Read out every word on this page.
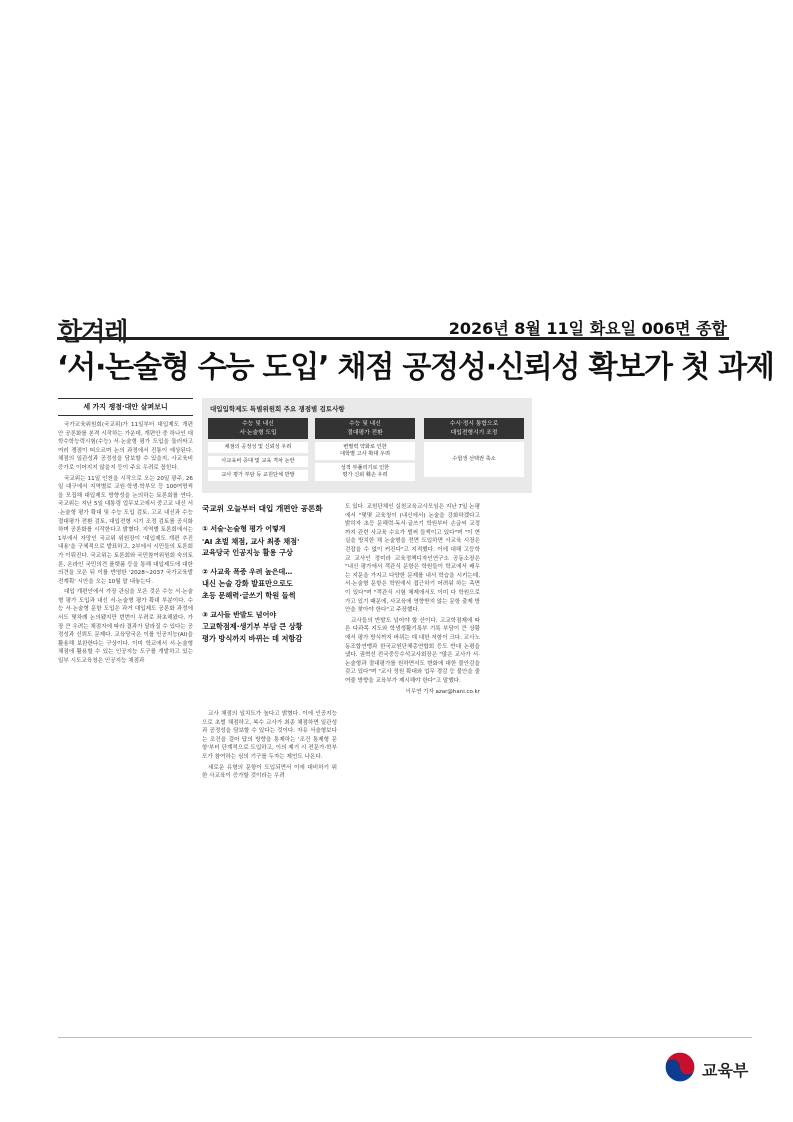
한겨레	2026년 8월 11일 화요일 006면 종합
‘서·논술형 수능 도입’ 채점 공정성·신뢰성 확보가 첫 과제
세 가지 쟁점·대안 살펴보니

국가교육위원회(국교위)가 11일부터 대입제도 개편안 공론화를 본격 시작하는 가운데, 개편안 중 하나인 대학수학능력시험(수능) 서·논술형 평가 도입을 둘러싸고 여러 쟁점이 떠오르며 논의 과정에서 진통이 예상된다. 채점의 일관성과 공정성을 담보할 수 있을지, 사교육비 증가로 이어지지 않을지 등이 주요 우려로 꼽힌다.

국교위는 11일 인천을 시작으로 오는 20일 광주, 26일 대구에서 지역별로 교원·학생·학부모 등 100여명씩을 모집해 대입제도 방향성을 논의하는 토론회를 연다. 국교위는 지난 5일 대통령 업무보고에서 중고교 내신 서·논술형 평가 확대 및 수능 도입 검토, 고교 내신과 수능 절대평가 전환 검토, 대입전형 시기 조정 검토를 공식화하며 공론화를 시작한다고 밝혔다. 지역별 토론회에서는 1부에서 자망인 국교위 위원장이 '대입제도 개편 추진 내용'을 구체적으로 발표하고, 2부에서 시민들의 토론회가 이뤄진다. 국교위는 토론회와 국민참여위원회 숙의토론, 온라인 국민의견 플랫폼 등을 통해 대입제도에 대한 의견을 모은 뒤 이를 반영한 '2028~2037 국가교육발전계획' 시안을 오는 10월 말 내놓는다.

대입 개편안에서 가장 관심을 모은 것은 수능 서·논술형 평가 도입과 내신 서·논술형 평가 확대 부분이다. 수능 서·논술형 문항 도입은 과거 대입제도 공론화 과정에서도 몇차례 논의됐지만 번번이 우려로 좌초해왔다. 가장 큰 우려는 채점자에 따라 결과가 달라질 수 있다는 공정성과 신뢰도 문제다. 교육당국은 이를 인공지능(AI)을 활용해 보완한다는 구상이다. 이미 학교에서 서·논술형 채점에 활용할 수 있는 인공지능 도구를 개발하고 있는 일부 시도교육청은 인공지능 채점과

대입입학제도 특별위원회 주요 쟁점별 검토사항
수능 및 내신
서·논술형 도입
채점의 공정성 및 신뢰성 우려
사교육비 증대 및 교육 격차 논란
교사 평가 부담 등 교원단체 반발
수능 및 내신
절대평가 전환
변별력 약화로 인한
대학별 고사 확대 우려
성적 부풀리기로 인한
평가 신뢰 훼손 우려
수시·정시 통합으로
대입전형시기 조정
수험생 선택권 축소
국교위 오늘부터 대입 개편안 공론화
① 서술·논술형 평가 어떻게
'AI 초벌 채점, 교사 최종 채점'
교육당국 인공지능 활용 구상
② 사교육 폭증 우려 높은데…
내신 논술 강화 발표만으로도
초등 문해력·글쓰기 학원 들썩
③ 교사들 반발도 넘어야
고교학점제·생기부 부담 큰 상황
평가 방식까지 바뀌는 데 저항감

교사 채점의 일치도가 높다고 밝혔다. 이에 인공지능으로 초벌 채점하고, 복수 교사가 최종 채점하면 일관성과 공정성을 담보할 수 있다는 것이다. 자유 서술형보다는 조건을 걸어 답의 방향을 통제하는 '조건 통제형 문항'부터 단계적으로 도입하고, 이의 제기 시 전문가·학부모가 참여하는 심의 기구를 두자는 제언도 나온다.

새로운 유형의 문항이 도입되면서 이에 대비하기 위한 사교육이 증가할 것이라는 우려

도 있다. 교원단체인 실천교육교사모임은 지난 7일 논평에서 "몇몇 교육청이 (내신에서) 논술을 강화하겠다고 밝히자 초등 문해력·독서·글쓰기 학원부터 손글씨 교정까지 관련 사교육 수요가 벌써 들썩이고 있다"며 "이 현실을 방치한 채 논술형을 전면 도입하면 사교육 시장은 걷잡을 수 없이 커진다"고 지적했다. 이에 대해 고등학교 교사인 정미라 교육정책디자인연구소 공동소장은 "내신 평가에서 객관식 문항은 학원들이 학교에서 배우는 지문을 가지고 다양한 문제를 내서 학습을 시키는데, 서·논술형 문항은 학원에서 접근하기 어려워 하는 측면이 있다"며 "객관식 시험 체제에서도 이미 다 학원으로 가고 있기 때문에, 사교육에 영향받지 않는 문항 출제 방안을 찾아야 한다"고 주장했다.

교사들의 반발도 넘어야 할 산이다. 고교학점제에 따른 다과목 지도와 학생생활기록부 기록 부담이 큰 상황에서 평가 방식까지 바뀌는 데 대한 저항이 크다. 교사노동조합연맹과 한국교원단체총연합회 등도 반대 논평을 냈다. 권혁선 전국중등수석교사회장은 "많은 교사가 서·논술형과 절대평가를 원하면서도 변화에 대한 불안감을 갖고 있다"며 "교사 정원 확대와 업무 경감 등 불안을 줄여줄 방향을 교육부가 제시해야 한다"고 말했다.

이우연 기자 azar@hani.co.kr
교육부
